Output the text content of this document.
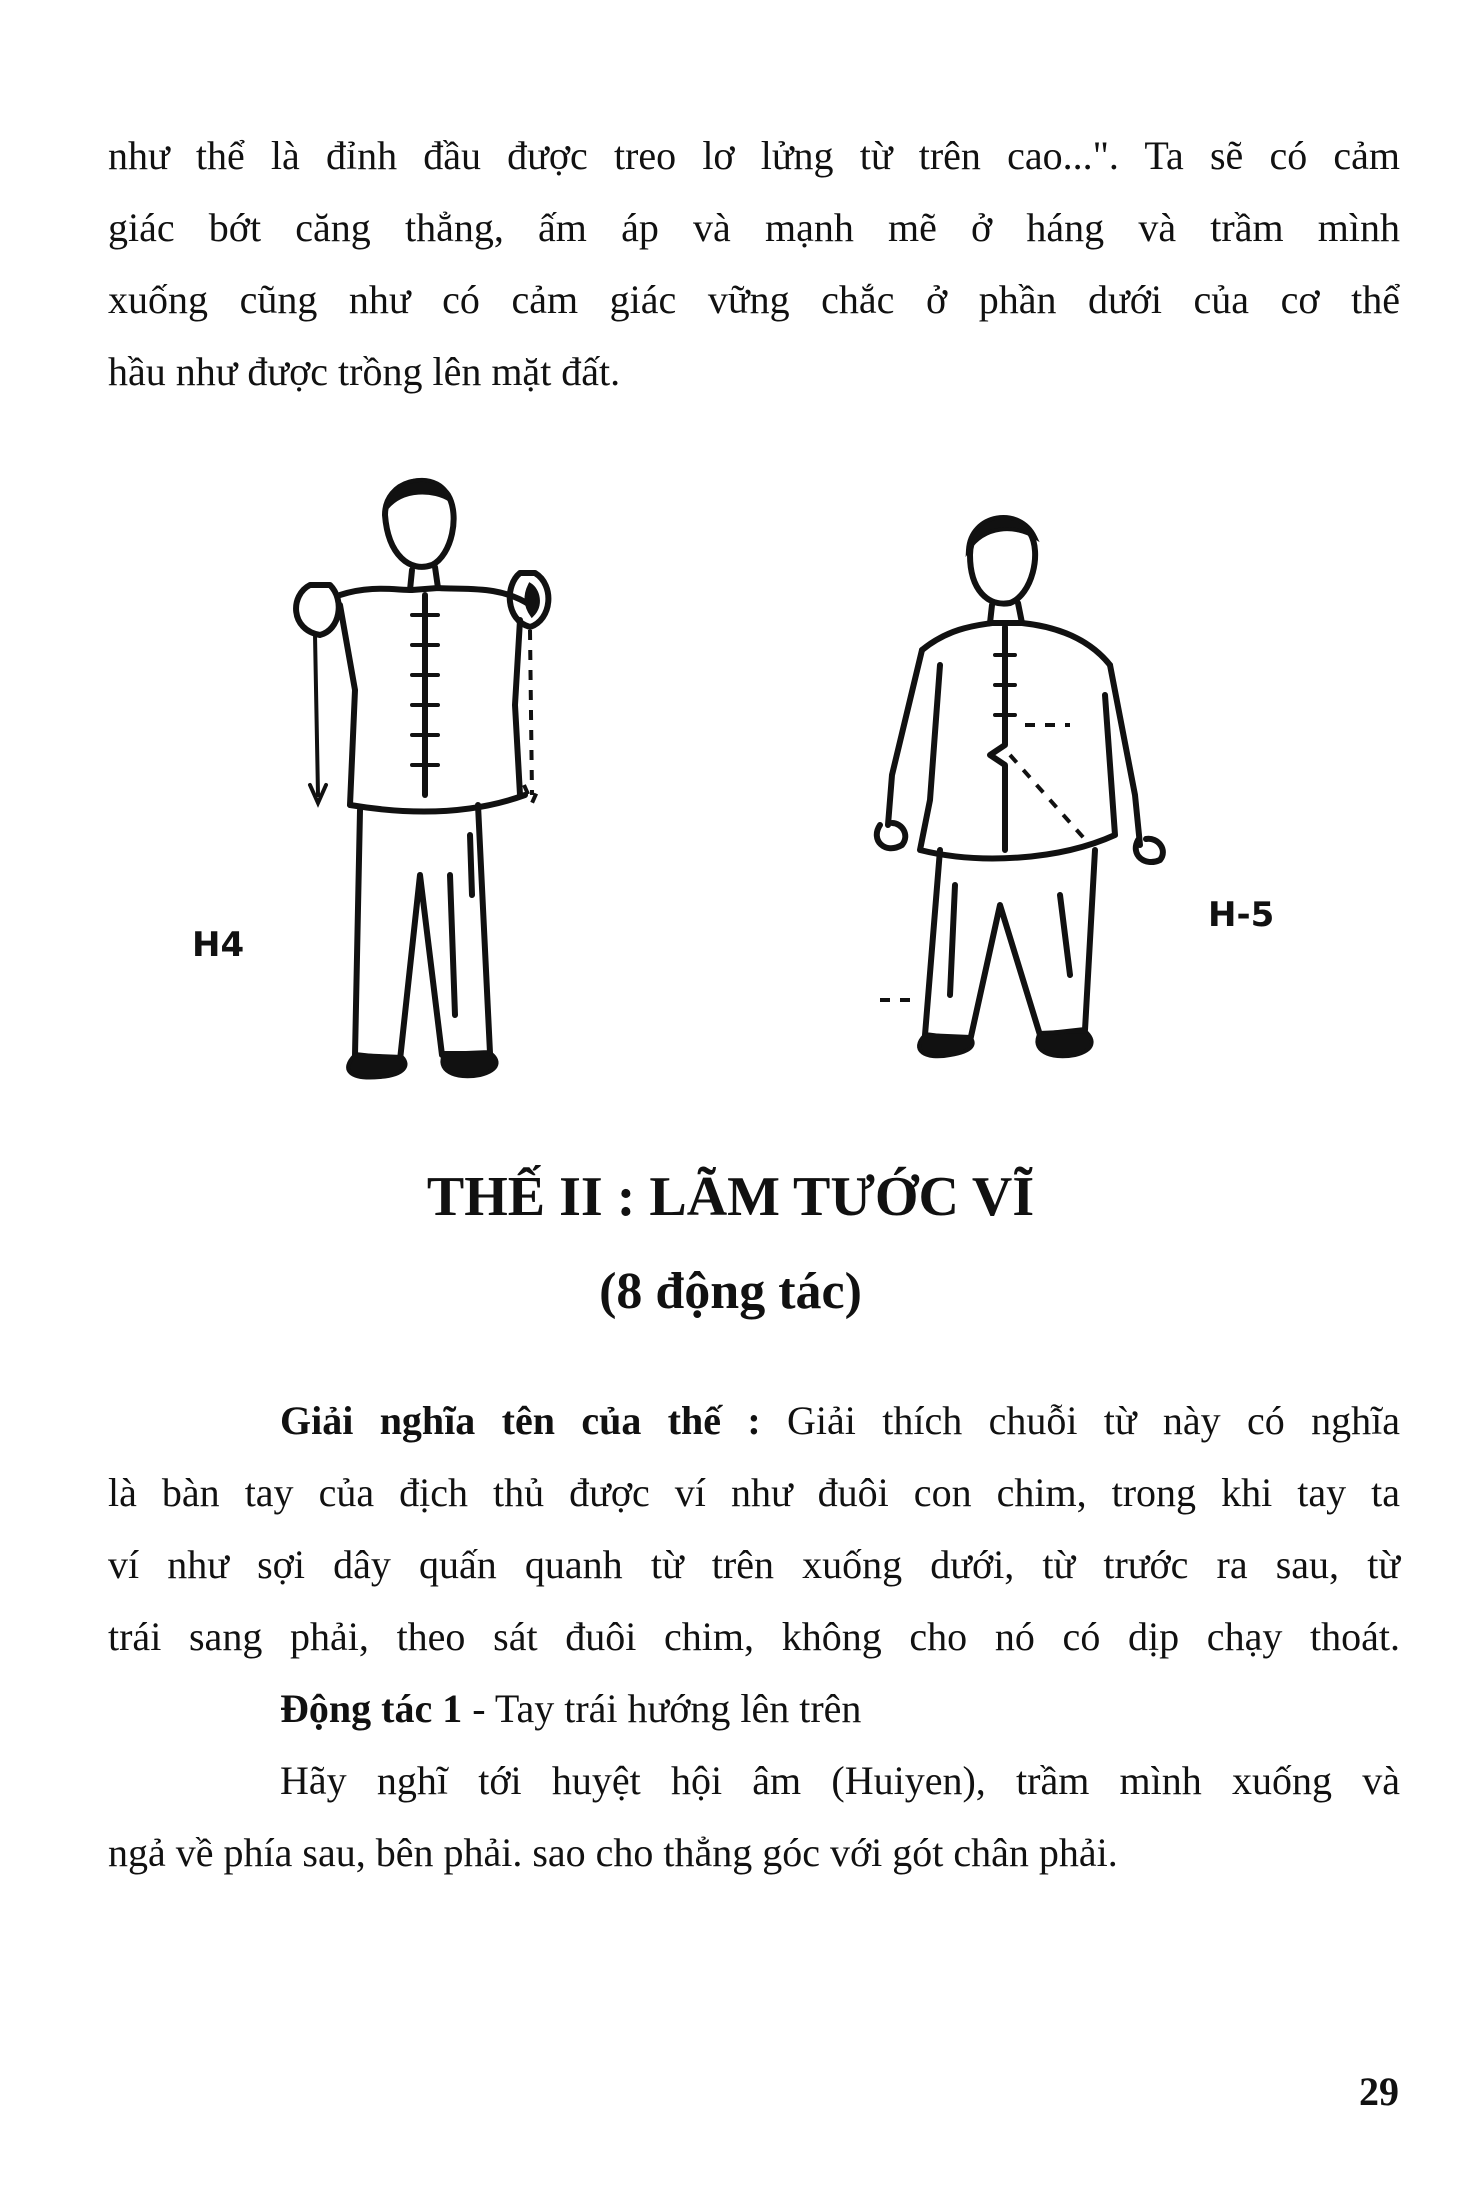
như thể là đỉnh đầu được treo lơ lửng từ trên cao...". Ta sẽ có cảm
giác bớt căng thẳng, ấm áp và mạnh mẽ ở háng và trầm mình
xuống cũng như có cảm giác vững chắc ở phần dưới của cơ thể
hầu như được trồng lên mặt đất.
H4
H-5
THẾ II : LÃM TƯỚC VĨ
(8 động tác)
Giải nghĩa tên của thế : Giải thích chuỗi từ này có nghĩa
là bàn tay của địch thủ được ví như đuôi con chim, trong khi tay ta
ví như sợi dây quấn quanh từ trên xuống dưới, từ trước ra sau, từ
trái sang phải, theo sát đuôi chim, không cho nó có dịp chạy thoát.
Động tác 1 - Tay trái hướng lên trên
Hãy nghĩ tới huyệt hội âm (Huiyen), trầm mình xuống và
ngả về phía sau, bên phải. sao cho thẳng góc với gót chân phải.
29
